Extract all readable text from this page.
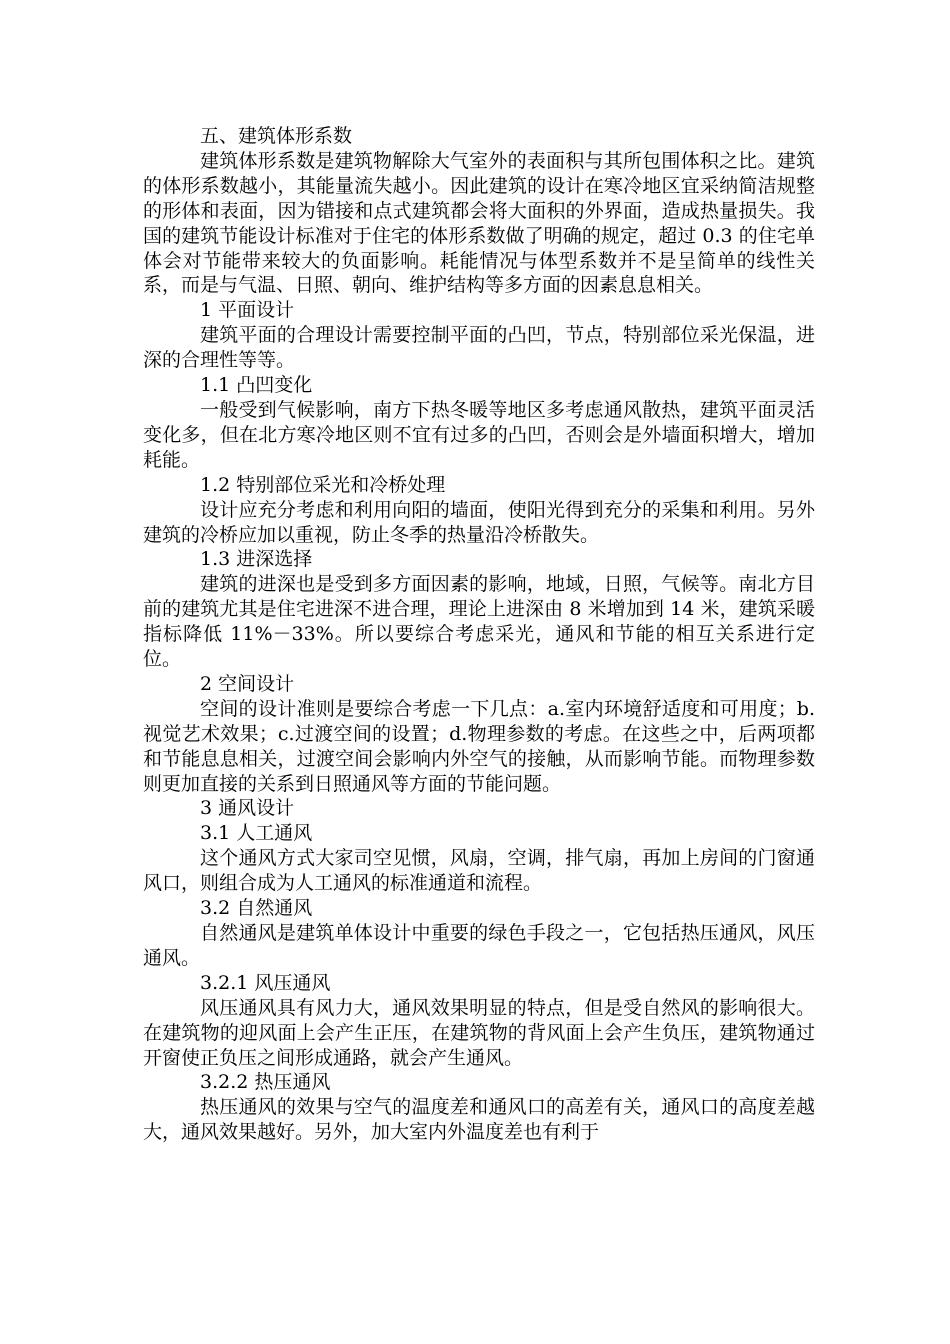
五、建筑体形系数

建筑体形系数是建筑物解除大气室外的表面积与其所包围体积之比。建筑的体形系数越小，其能量流失越小。因此建筑的设计在寒冷地区宜采纳简洁规整的形体和表面，因为错接和点式建筑都会将大面积的外界面，造成热量损失。我国的建筑节能设计标准对于住宅的体形系数做了明确的规定，超过 0.3 的住宅单体会对节能带来较大的负面影响。耗能情况与体型系数并不是呈简单的线性关系，而是与气温、日照、朝向、维护结构等多方面的因素息息相关。

1 平面设计

建筑平面的合理设计需要控制平面的凸凹，节点，特别部位采光保温，进深的合理性等等。

1.1 凸凹变化

一般受到气候影响，南方下热冬暖等地区多考虑通风散热，建筑平面灵活变化多，但在北方寒冷地区则不宜有过多的凸凹，否则会是外墙面积增大，增加耗能。

1.2 特别部位采光和冷桥处理

设计应充分考虑和利用向阳的墙面，使阳光得到充分的采集和利用。另外建筑的冷桥应加以重视，防止冬季的热量沿冷桥散失。

1.3 进深选择

建筑的进深也是受到多方面因素的影响，地域，日照，气候等。南北方目前的建筑尤其是住宅进深不进合理，理论上进深由 8 米增加到 14 米，建筑采暖指标降低 11%－33%。所以要综合考虑采光，通风和节能的相互关系进行定位。

2 空间设计

空间的设计准则是要综合考虑一下几点：a.室内环境舒适度和可用度；b.视觉艺术效果；c.过渡空间的设置；d.物理参数的考虑。在这些之中，后两项都和节能息息相关，过渡空间会影响内外空气的接触，从而影响节能。而物理参数则更加直接的关系到日照通风等方面的节能问题。

3 通风设计

3.1 人工通风

这个通风方式大家司空见惯，风扇，空调，排气扇，再加上房间的门窗通风口，则组合成为人工通风的标准通道和流程。

3.2 自然通风

自然通风是建筑单体设计中重要的绿色手段之一，它包括热压通风，风压通风。

3.2.1 风压通风

风压通风具有风力大，通风效果明显的特点，但是受自然风的影响很大。在建筑物的迎风面上会产生正压，在建筑物的背风面上会产生负压，建筑物通过开窗使正负压之间形成通路，就会产生通风。

3.2.2 热压通风

热压通风的效果与空气的温度差和通风口的高差有关，通风口的高度差越大，通风效果越好。另外，加大室内外温度差也有利于
